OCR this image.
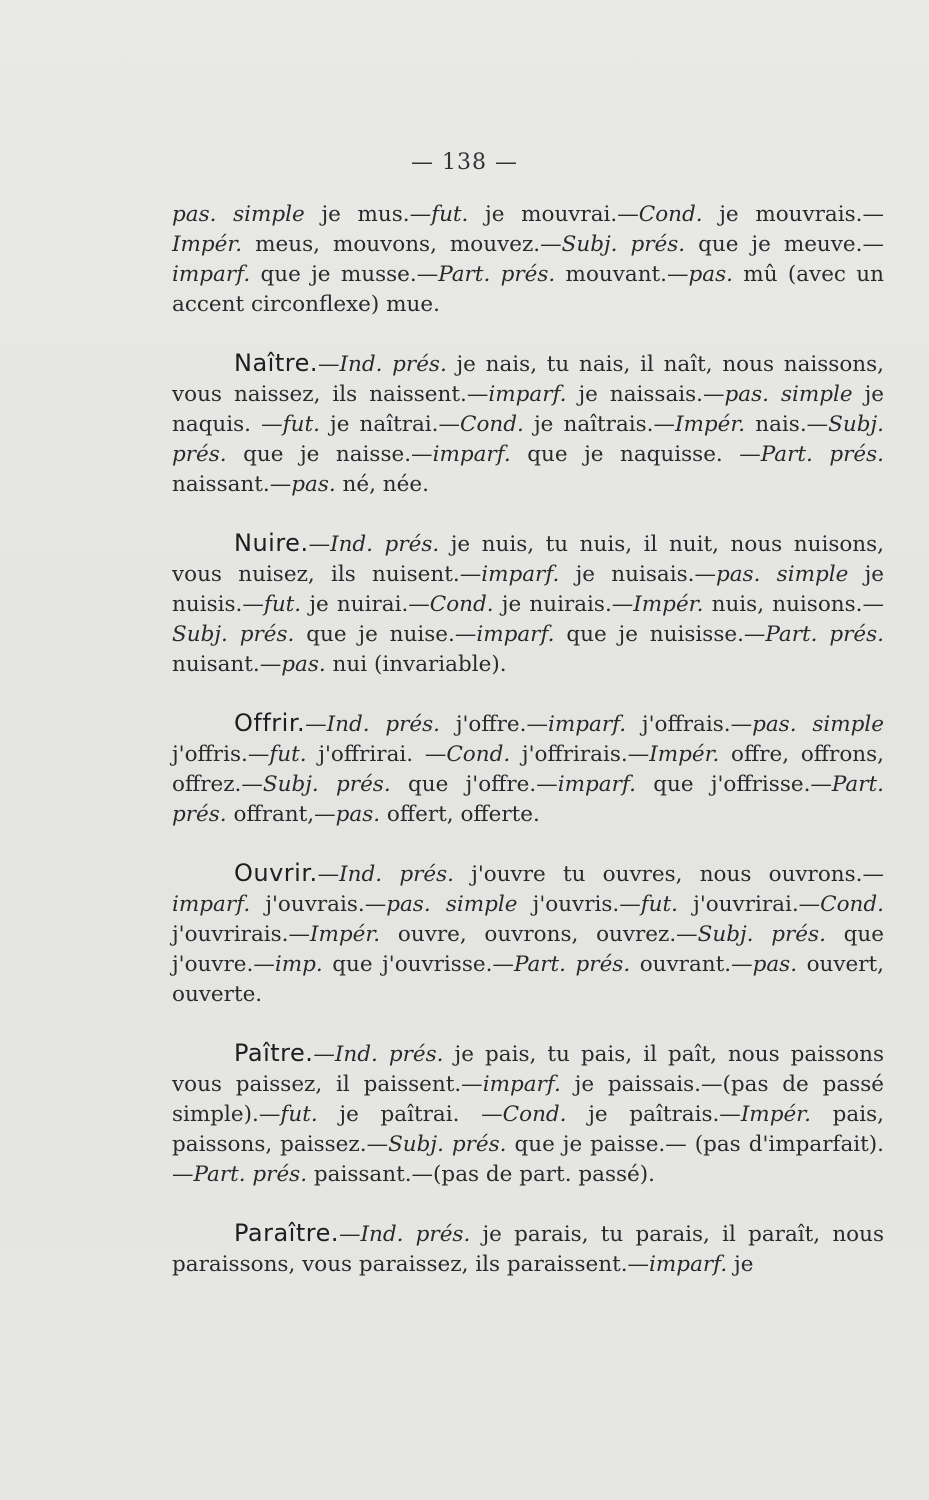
— 138 —

pas. simple je mus.—fut. je mouvrai.—Cond. je mouvrais.—Impér. meus, mouvons, mouvez.—Subj. prés. que je meuve.—imparf. que je musse.—Part. prés. mouvant.—pas. mû (avec un accent circonflexe) mue.

Naître.—Ind. prés. je nais, tu nais, il naît, nous naissons, vous naissez, ils naissent.—imparf. je naissais.—pas. simple je naquis. —fut. je naîtrai.—Cond. je naîtrais.—Impér. nais.—Subj. prés. que je naisse.—imparf. que je naquisse. —Part. prés. naissant.—pas. né, née.

Nuire.—Ind. prés. je nuis, tu nuis, il nuit, nous nuisons, vous nuisez, ils nuisent.—imparf. je nuisais.—pas. simple je nuisis.—fut. je nuirai.—Cond. je nuirais.—Impér. nuis, nuisons.—Subj. prés. que je nuise.—imparf. que je nuisisse.—Part. prés. nuisant.—pas. nui (invariable).

Offrir.—Ind. prés. j'offre.—imparf. j'offrais.—pas. simple j'offris.—fut. j'offrirai. —Cond. j'offrirais.—Impér. offre, offrons, offrez.—Subj. prés. que j'offre.—imparf. que j'offrisse.—Part. prés. offrant,—pas. offert, offerte.

Ouvrir.—Ind. prés. j'ouvre tu ouvres, nous ouvrons.—imparf. j'ouvrais.—pas. simple j'ouvris.—fut. j'ouvrirai.—Cond. j'ouvrirais.—Impér. ouvre, ouvrons, ouvrez.—Subj. prés. que j'ouvre.—imp. que j'ouvrisse.—Part. prés. ouvrant.—pas. ouvert, ouverte.

Paître.—Ind. prés. je pais, tu pais, il paît, nous paissons vous paissez, il paissent.—imparf. je paissais.—(pas de passé simple).—fut. je paîtrai. —Cond. je paîtrais.—Impér. pais, paissons, paissez.—Subj. prés. que je paisse.— (pas d'imparfait).—Part. prés. paissant.—(pas de part. passé).

Paraître.—Ind. prés. je parais, tu parais, il paraît, nous paraissons, vous paraissez, ils paraissent.—imparf. je
